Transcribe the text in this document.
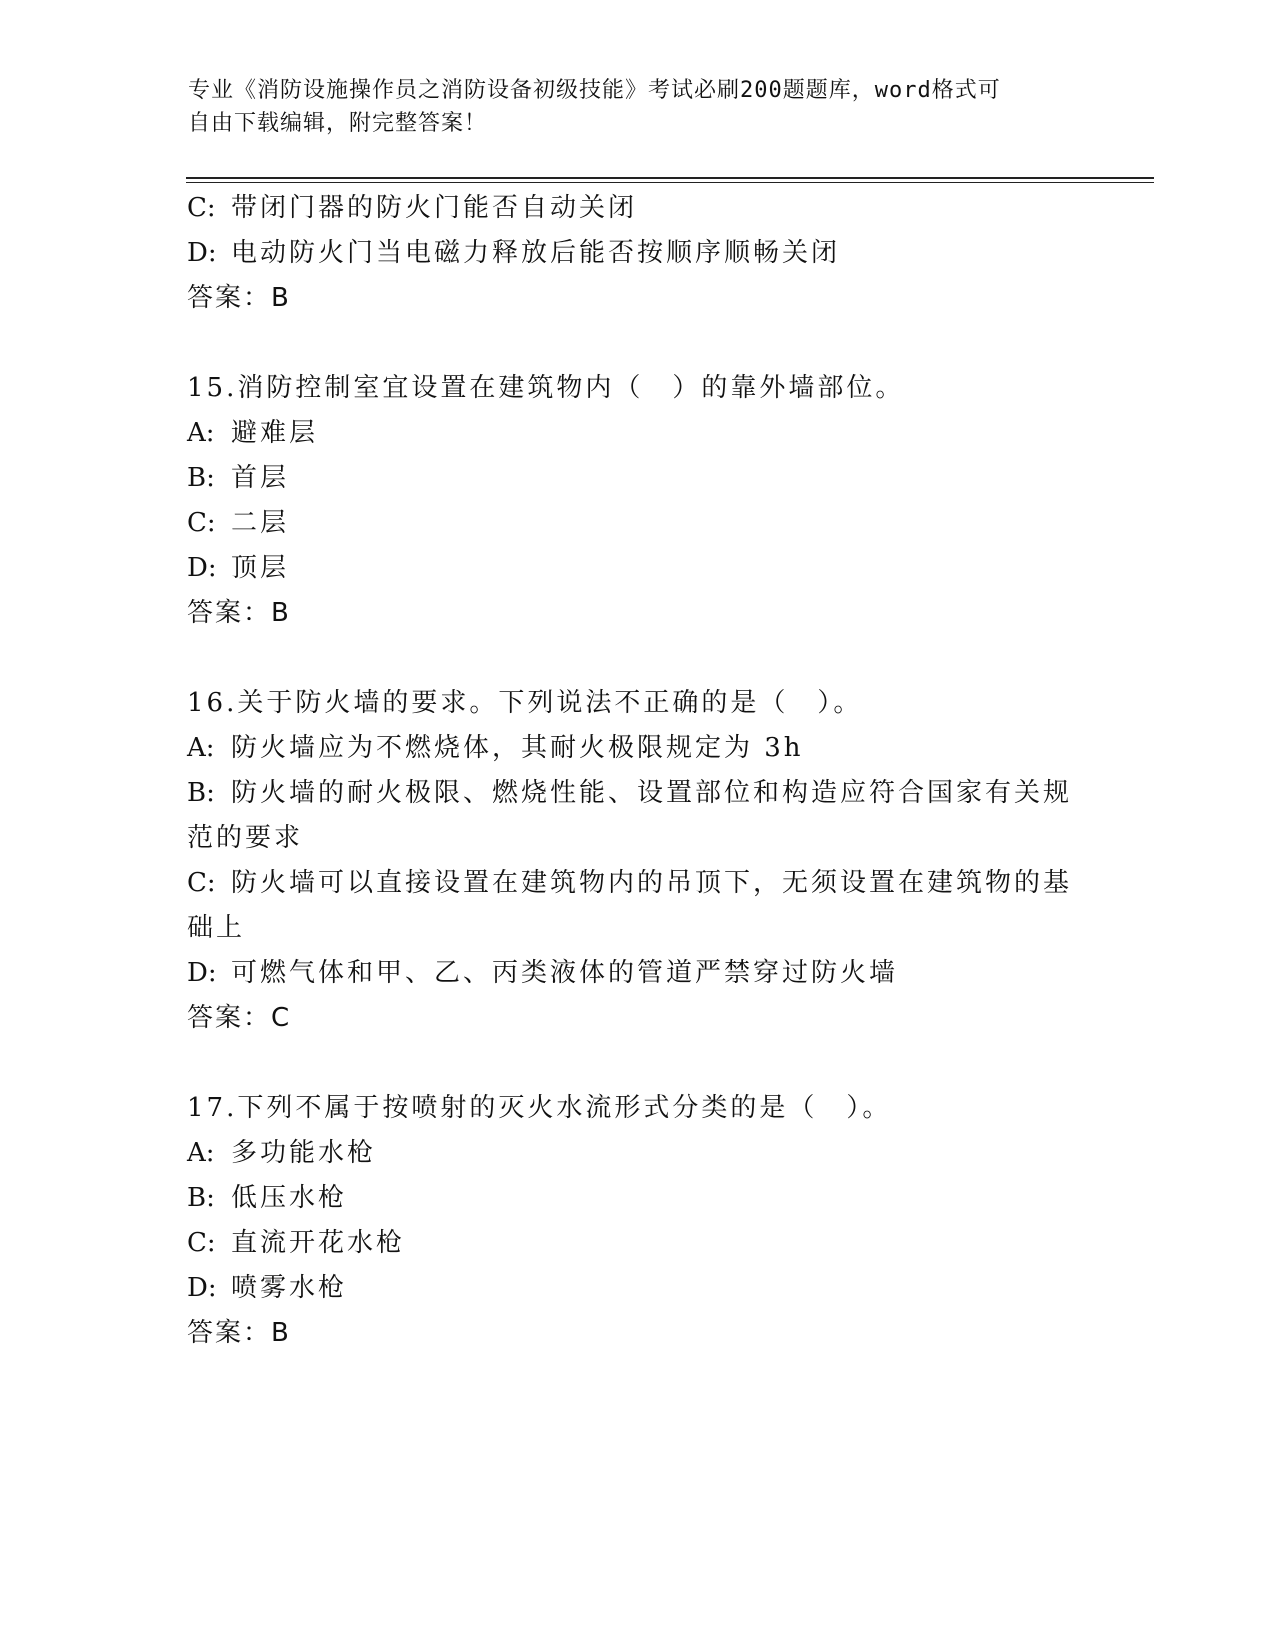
专业《消防设施操作员之消防设备初级技能》考试必刷200题题库，word格式可
自由下载编辑，附完整答案！
C: 带闭门器的防火门能否自动关闭
D: 电动防火门当电磁力释放后能否按顺序顺畅关闭
答案：B
15.消防控制室宜设置在建筑物内（　）的靠外墙部位。
A: 避难层
B: 首层
C: 二层
D: 顶层
答案：B
16.关于防火墙的要求。下列说法不正确的是（　）。
A: 防火墙应为不燃烧体，其耐火极限规定为 3h
B: 防火墙的耐火极限、燃烧性能、设置部位和构造应符合国家有关规
范的要求
C: 防火墙可以直接设置在建筑物内的吊顶下，无须设置在建筑物的基
础上
D: 可燃气体和甲、乙、丙类液体的管道严禁穿过防火墙
答案：C
17.下列不属于按喷射的灭火水流形式分类的是（　）。
A: 多功能水枪
B: 低压水枪
C: 直流开花水枪
D: 喷雾水枪
答案：B
